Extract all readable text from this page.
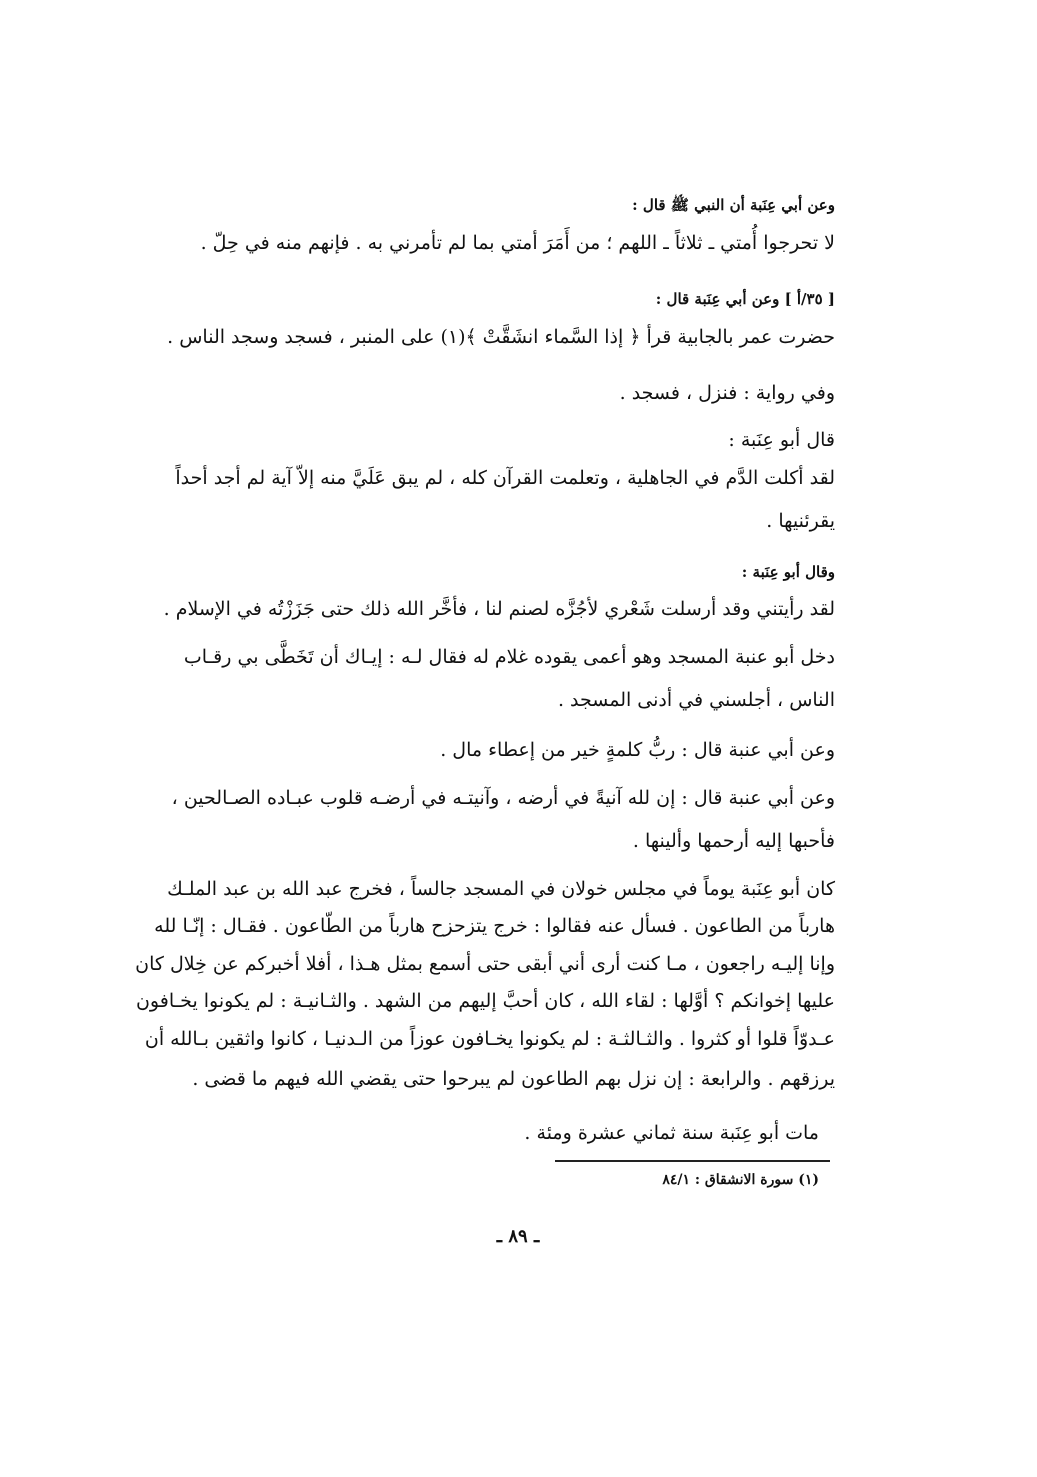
وعن أبي عِنَبة أن النبي ﷺ قال :
لا تحرجوا أُمتي ـ ثلاثاً ـ اللهم ؛ من أَمَرَ أمتي بما لم تأمرني به . فإنهم منه في حِلّ .
[ ٣٥/أ ] وعن أبي عِنَبة قال :
حضرت عمر بالجابية قرأ ﴿ إذا السَّماء انشَقَّتْ ﴾(١) على المنبر ، فسجد وسجد الناس .
وفي رواية : فنزل ، فسجد .
قال أبو عِنَبة :
لقد أكلت الدَّم في الجاهلية ، وتعلمت القرآن كله ، لم يبق عَلَيَّ منه إلاّ آية لم أجد أحداً
يقرئنيها .
وقال أبو عِنَبة :
لقد رأيتني وقد أرسلت شَعْري لأجُزَّه لصنم لنا ، فأخَّر الله ذلك حتى جَزَزْتُه في الإسلام .
دخل أبو عنبة المسجد وهو أعمى يقوده غلام له فقال لـه : إيـاك أن تَخَطَّى بي رقـاب
الناس ، أجلسني في أدنى المسجد .
وعن أبي عنبة قال : ربُّ كلمةٍ خير من إعطاء مال .
وعن أبي عنبة قال : إن لله آنيةً في أرضه ، وآنيتـه في أرضـه قلوب عبـاده الصـالحين ،
فأحبها إليه أرحمها وألينها .
كان أبو عِنَبة يوماً في مجلس خولان في المسجد جالساً ، فخرج عبد الله بن عبد الملـك
هارباً من الطاعون . فسأل عنه فقالوا : خرج يتزحزح هارباً من الطّاعون . فقـال : إنّـا لله
وإنا إليـه راجعون ، مـا كنت أرى أني أبقى حتى أسمع بمثل هـذا ، أفلا أخبركم عن خِلال كان
عليها إخوانكم ؟ أوَّلها : لقاء الله ، كان أحبَّ إليهم من الشهد . والثـانيـة : لم يكونوا يخـافون
عـدوّاً قلوا أو كثروا . والثـالثـة : لم يكونوا يخـافون عوزاً من الـدنيـا ، كانوا واثقين بـالله أن
يرزقهم . والرابعة : إن نزل بهم الطاعون لم يبرحوا حتى يقضي الله فيهم ما قضى .
مات أبو عِنَبة سنة ثماني عشرة ومئة .
(١) سورة الانشقاق : ٨٤/١
ـ ٨٩ ـ
